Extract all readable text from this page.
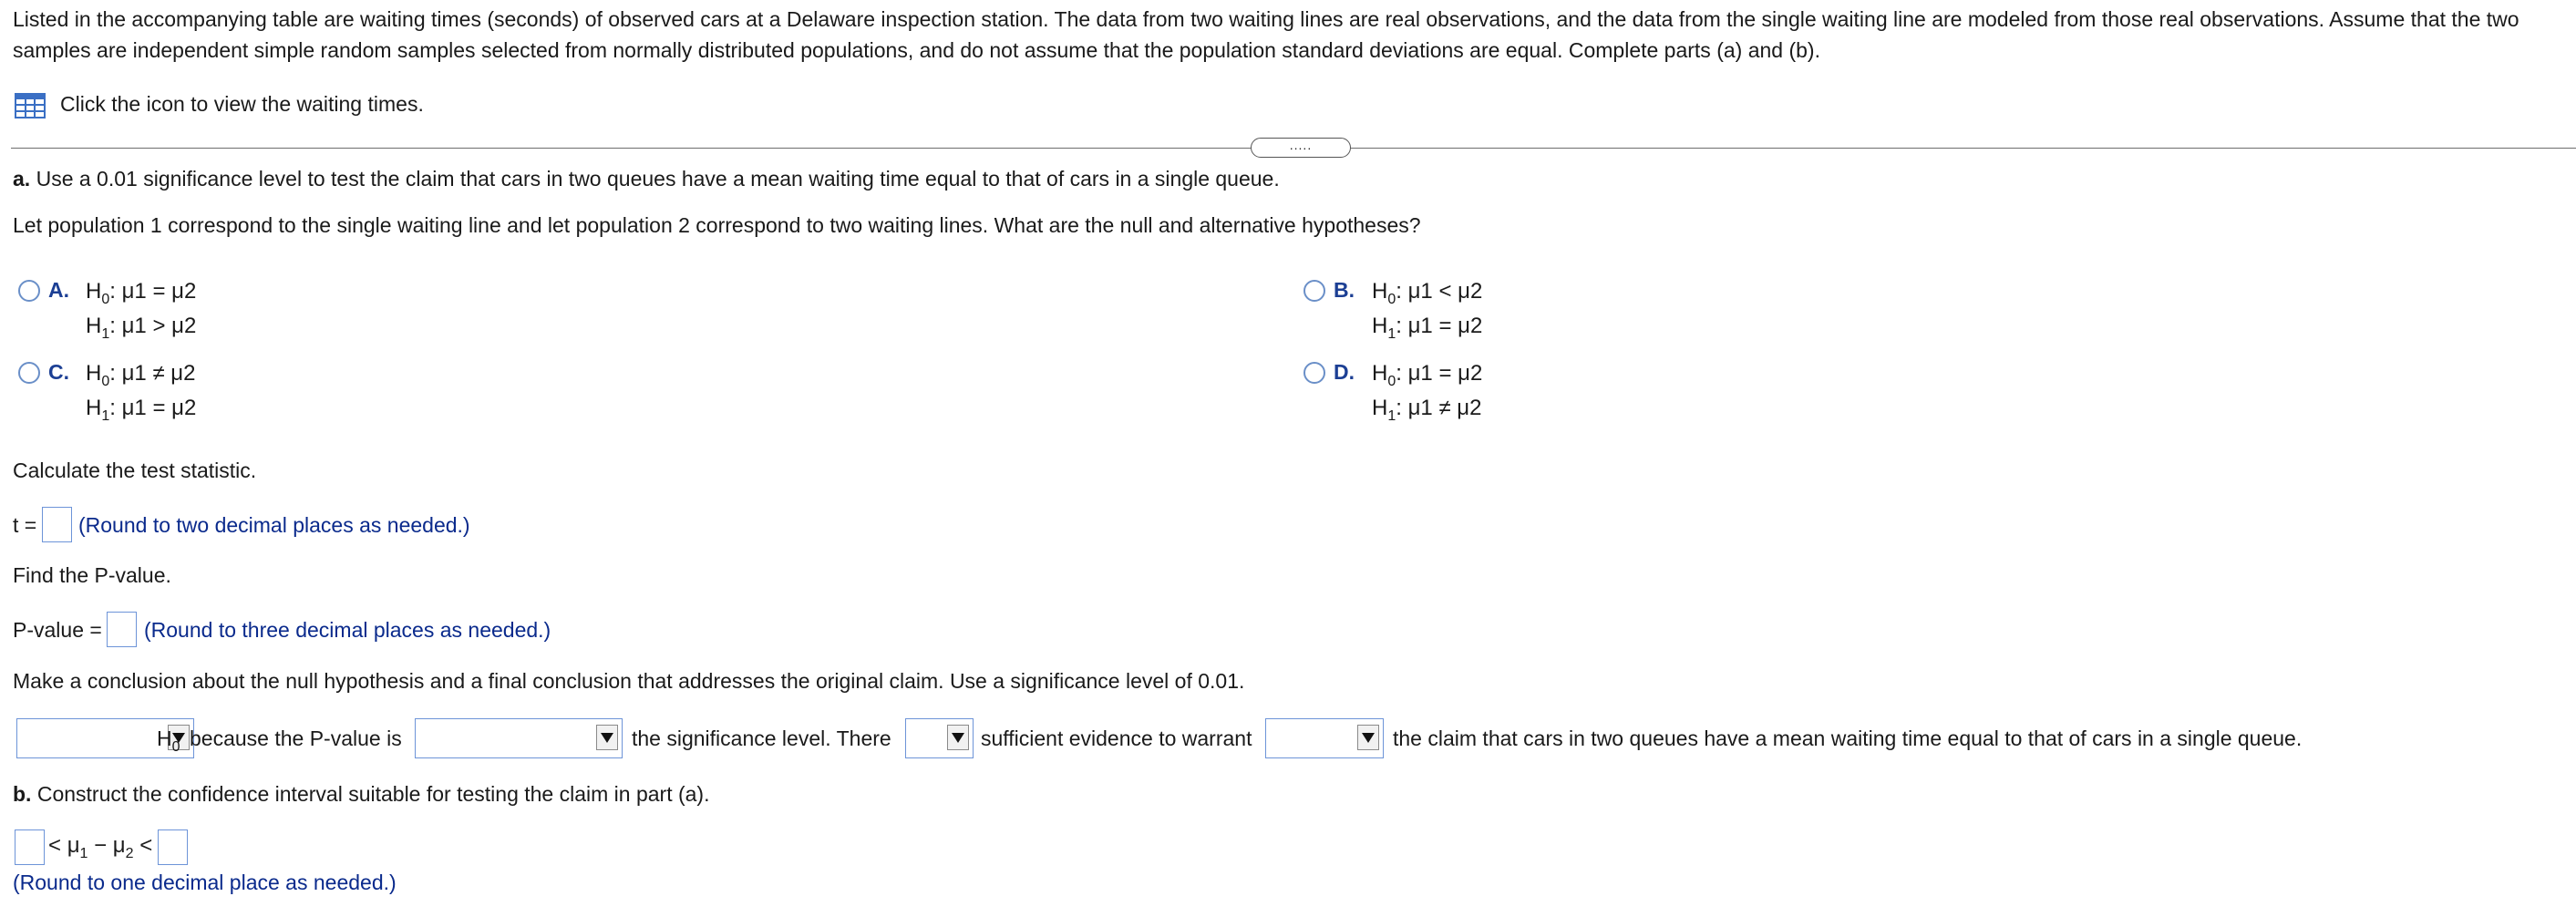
Listed in the accompanying table are waiting times (seconds) of observed cars at a Delaware inspection station. The data from two waiting lines are real observations, and the data from the single waiting line are modeled from those real observations. Assume that the two samples are independent simple random samples selected from normally distributed populations, and do not assume that the population standard deviations are equal. Complete parts (a) and (b).
Click the icon to view the waiting times.
.....
a. Use a 0.01 significance level to test the claim that cars in two queues have a mean waiting time equal to that of cars in a single queue.
Let population 1 correspond to the single waiting line and let population 2 correspond to two waiting lines. What are the null and alternative hypotheses?
A. $H_0$: μ1 = μ2
$H_1$: μ1 > μ2
B. $H_0$: μ1 < μ2
$H_1$: μ1 = μ2
C. $H_0$: μ1 ≠ μ2
$H_1$: μ1 = μ2
D. $H_0$: μ1 = μ2
$H_1$: μ1 ≠ μ2
Calculate the test statistic.
t = (Round to two decimal places as needed.)
Find the P-value.
P-value = (Round to three decimal places as needed.)
Make a conclusion about the null hypothesis and a final conclusion that addresses the original claim. Use a significance level of 0.01.
$H_0$ because the P-value is	the significance level. There	sufficient evidence to warrant	the claim that cars in two queues have a mean waiting time equal to that of cars in a single queue.
b. Construct the confidence interval suitable for testing the claim in part (a).
< $\mu_1 - \mu_2$ <
(Round to one decimal place as needed.)
